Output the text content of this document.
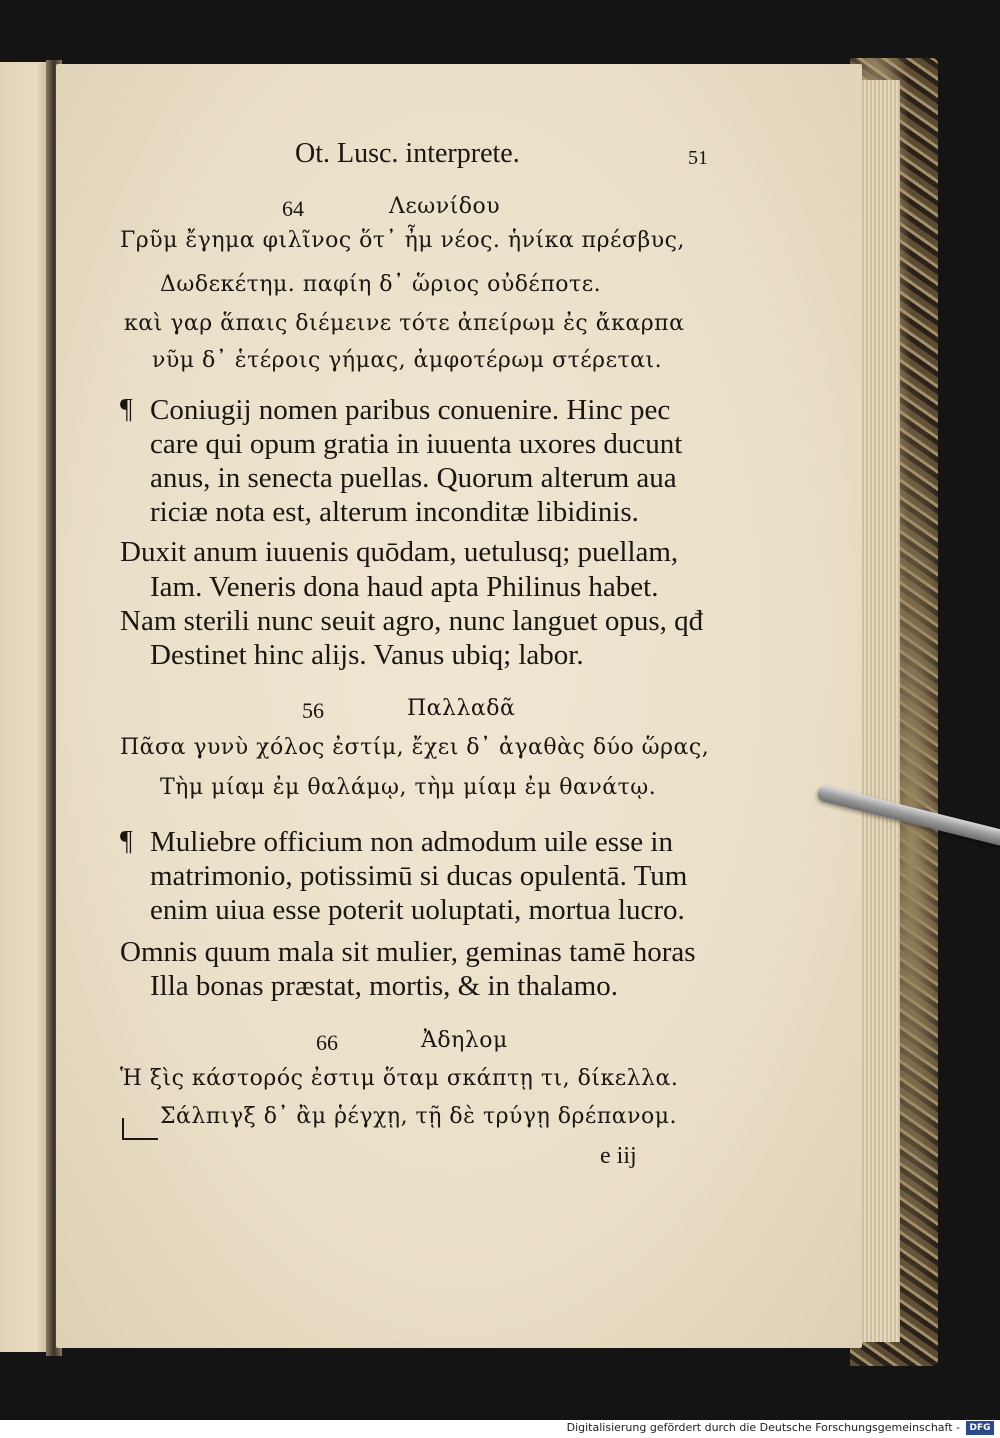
Ot. Lusc. interprete.	51
64	Λεωνίδου
Γρῦμ ἔγημα φιλῖνος ὅτ᾽ ἦμ νέος. ἡνίκα πρέσβυς,
Δωδεκέτημ. παφίη δ᾽ ὥριος οὐδέποτε.
καὶ γαρ ἅπαις διέμεινε τότε ἀπείρωμ ἐς ἄκαρπα
νῦμ δ᾽ ἑτέροις γήμας, ἀμφοτέρωμ στέρεται.
¶ Coniugij nomen paribus conuenire. Hinc pec
care qui opum gratia in iuuenta uxores ducunt
anus, in senecta puellas. Quorum alterum aua
riciæ nota est, alterum inconditæ libidinis.
Duxit anum iuuenis quōdam, uetulusq; puellam,
Iam. Veneris dona haud apta Philinus habet.
Nam sterili nunc seuit agro, nunc languet opus, qđ
Destinet hinc alijs. Vanus ubiq; labor.
56	Παλλαδᾶ
Πᾶσα γυνὺ χόλος ἐστίμ, ἔχει δ᾽ ἀγαθὰς δύο ὥρας,
Τὴμ μίαμ ἐμ θαλάμῳ, τὴμ μίαμ ἐμ θανάτῳ.
¶ Muliebre officium non admodum uile esse in
matrimonio, potissimū si ducas opulentā. Tum
enim uiua esse poterit uoluptati, mortua lucro.
Omnis quum mala sit mulier, geminas tamē horas
Illa bonas præstat, mortis, & in thalamo.
66	Ἀδηλομ
Ἡ ξὶς κάστορός ἐστιμ ὅταμ σκάπτῃ τι, δίκελλα.
Σάλπιγξ δ᾽ ἂμ ῥέγχῃ, τῇ δὲ τρύγῃ δρέπανομ.
e iij
Digitalisierung gefördert durch die Deutsche Forschungsgemeinschaft -	DFG
